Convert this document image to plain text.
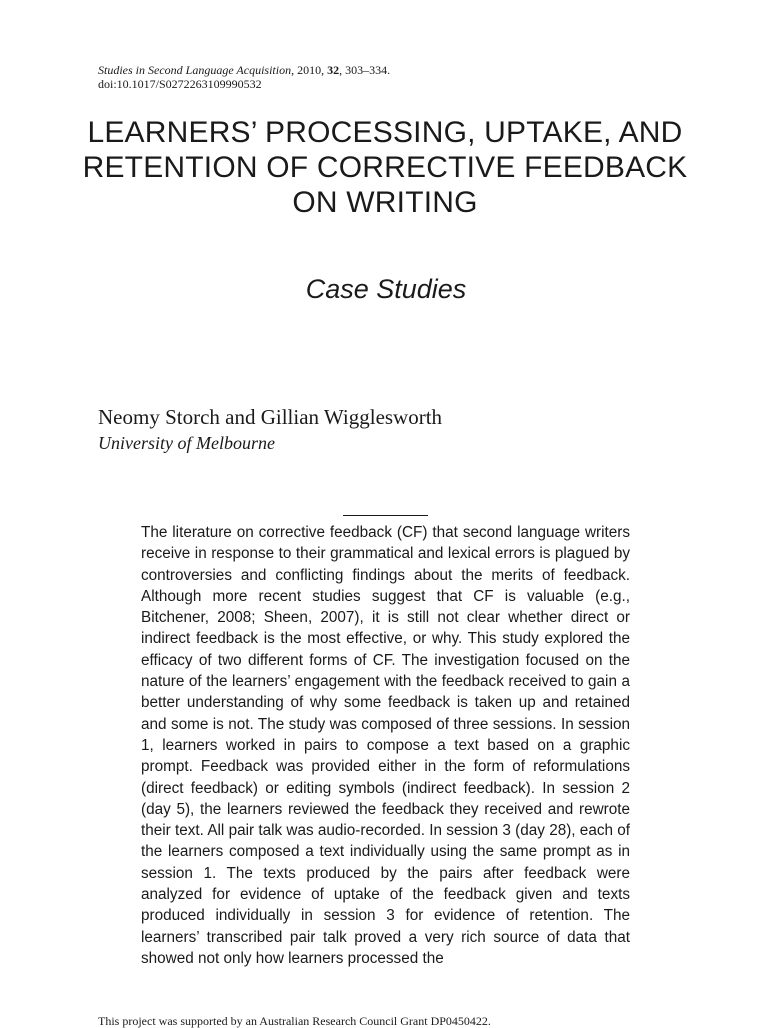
Studies in Second Language Acquisition, 2010, 32, 303–334.
doi:10.1017/S0272263109990532
LEARNERS’ PROCESSING, UPTAKE, AND RETENTION OF CORRECTIVE FEEDBACK ON WRITING
Case Studies
Neomy Storch and Gillian Wigglesworth
University of Melbourne

The literature on corrective feedback (CF) that second language writers receive in response to their grammatical and lexical errors is plagued by controversies and conflicting findings about the merits of feedback. Although more recent studies suggest that CF is valuable (e.g., Bitchener, 2008; Sheen, 2007), it is still not clear whether direct or indirect feedback is the most effective, or why. This study explored the efficacy of two different forms of CF. The investigation focused on the nature of the learners’ engagement with the feedback received to gain a better understanding of why some feedback is taken up and retained and some is not. The study was composed of three sessions. In session 1, learners worked in pairs to compose a text based on a graphic prompt. Feedback was provided either in the form of reformulations (direct feedback) or editing symbols (indirect feedback). In session 2 (day 5), the learners reviewed the feedback they received and rewrote their text. All pair talk was audio-recorded. In session 3 (day 28), each of the learners composed a text individually using the same prompt as in session 1. The texts produced by the pairs after feedback were analyzed for evidence of uptake of the feedback given and texts produced individually in session 3 for evidence of retention. The learners’ transcribed pair talk proved a very rich source of data that showed not only how learners processed the

This project was supported by an Australian Research Council Grant DP0450422.
